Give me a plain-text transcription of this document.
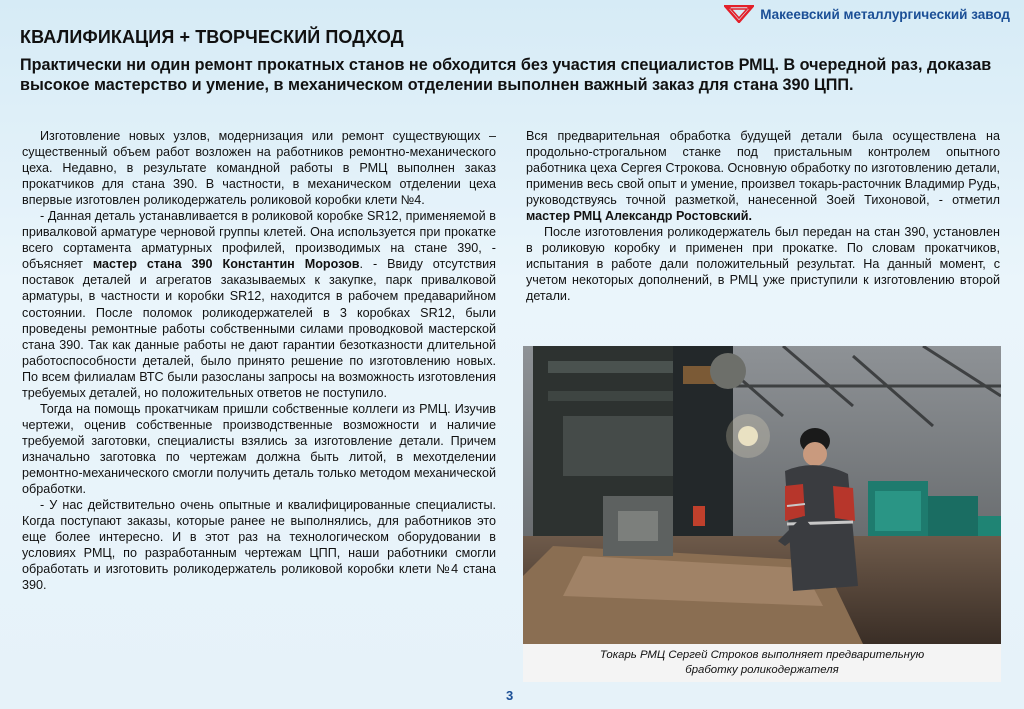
Макеевский металлургический завод
КВАЛИФИКАЦИЯ + ТВОРЧЕСКИЙ ПОДХОД
Практически ни один ремонт прокатных станов не обходится без участия специалистов РМЦ. В очередной раз, доказав высокое мастерство и умение, в механическом отделении выполнен важный заказ для стана 390 ЦПП.

Изготовление новых узлов, модернизация или ремонт существующих – существенный объем работ возложен на работников ремонтно-механического цеха. Недавно, в результате командной работы в РМЦ выполнен заказ прокатчиков для стана 390. В частности, в механическом отделении цеха впервые изготовлен роликодержатель роликовой коробки клети №4.

- Данная деталь устанавливается в роликовой коробке SR12, применяемой в привалковой арматуре черновой группы клетей. Она используется при прокатке всего сортамента арматурных профилей, производимых на стане 390, - объясняет мастер стана 390 Константин Морозов. - Ввиду отсутствия поставок деталей и агрегатов заказываемых к закупке, парк привалковой арматуры, в частности и коробки SR12, находится в рабочем предаварийном состоянии. После поломок роликодержателей в 3 коробках SR12, были проведены ремонтные работы собственными силами проводковой мастерской стана 390. Так как данные работы не дают гарантии безотказности длительной работоспособности деталей, было принято решение по изготовлению новых. По всем филиалам ВТС были разосланы запросы на возможность изготовления требуемых деталей, но положительных ответов не поступило.

Тогда на помощь прокатчикам пришли собственные коллеги из РМЦ. Изучив чертежи, оценив собственные производственные возможности и наличие требуемой заготовки, специалисты взялись за изготовление детали. Причем изначально заготовка по чертежам должна быть литой, в мехотделении ремонтно-механического смогли получить деталь только методом механической обработки.

- У нас действительно очень опытные и квалифицированные специалисты. Когда поступают заказы, которые ранее не выполнялись, для работников это еще более интересно. И в этот раз на технологическом оборудовании в условиях РМЦ, по разработанным чертежам ЦПП, наши работники смогли обработать и изготовить роликодержатель роликовой коробки клети №4 стана 390.

Вся предварительная обработка будущей детали была осуществлена на продольно-строгальном станке под пристальным контролем опытного работника цеха Сергея Строкова. Основную обработку по изготовлению детали, применив весь свой опыт и умение, произвел токарь-расточник Владимир Рудь, руководствуясь точной разметкой, нанесенной Зоей Тихоновой, - отметил мастер РМЦ Александр Ростовский.

После изготовления роликодержатель был передан на стан 390, установлен в роликовую коробку и применен при прокатке. По словам прокатчиков, испытания в работе дали положительный результат. На данный момент, с учетом некоторых дополнений, в РМЦ уже приступили к изготовлению второй детали.

Токарь РМЦ Сергей Строков выполняет предварительную
бработку роликодержателя
3
